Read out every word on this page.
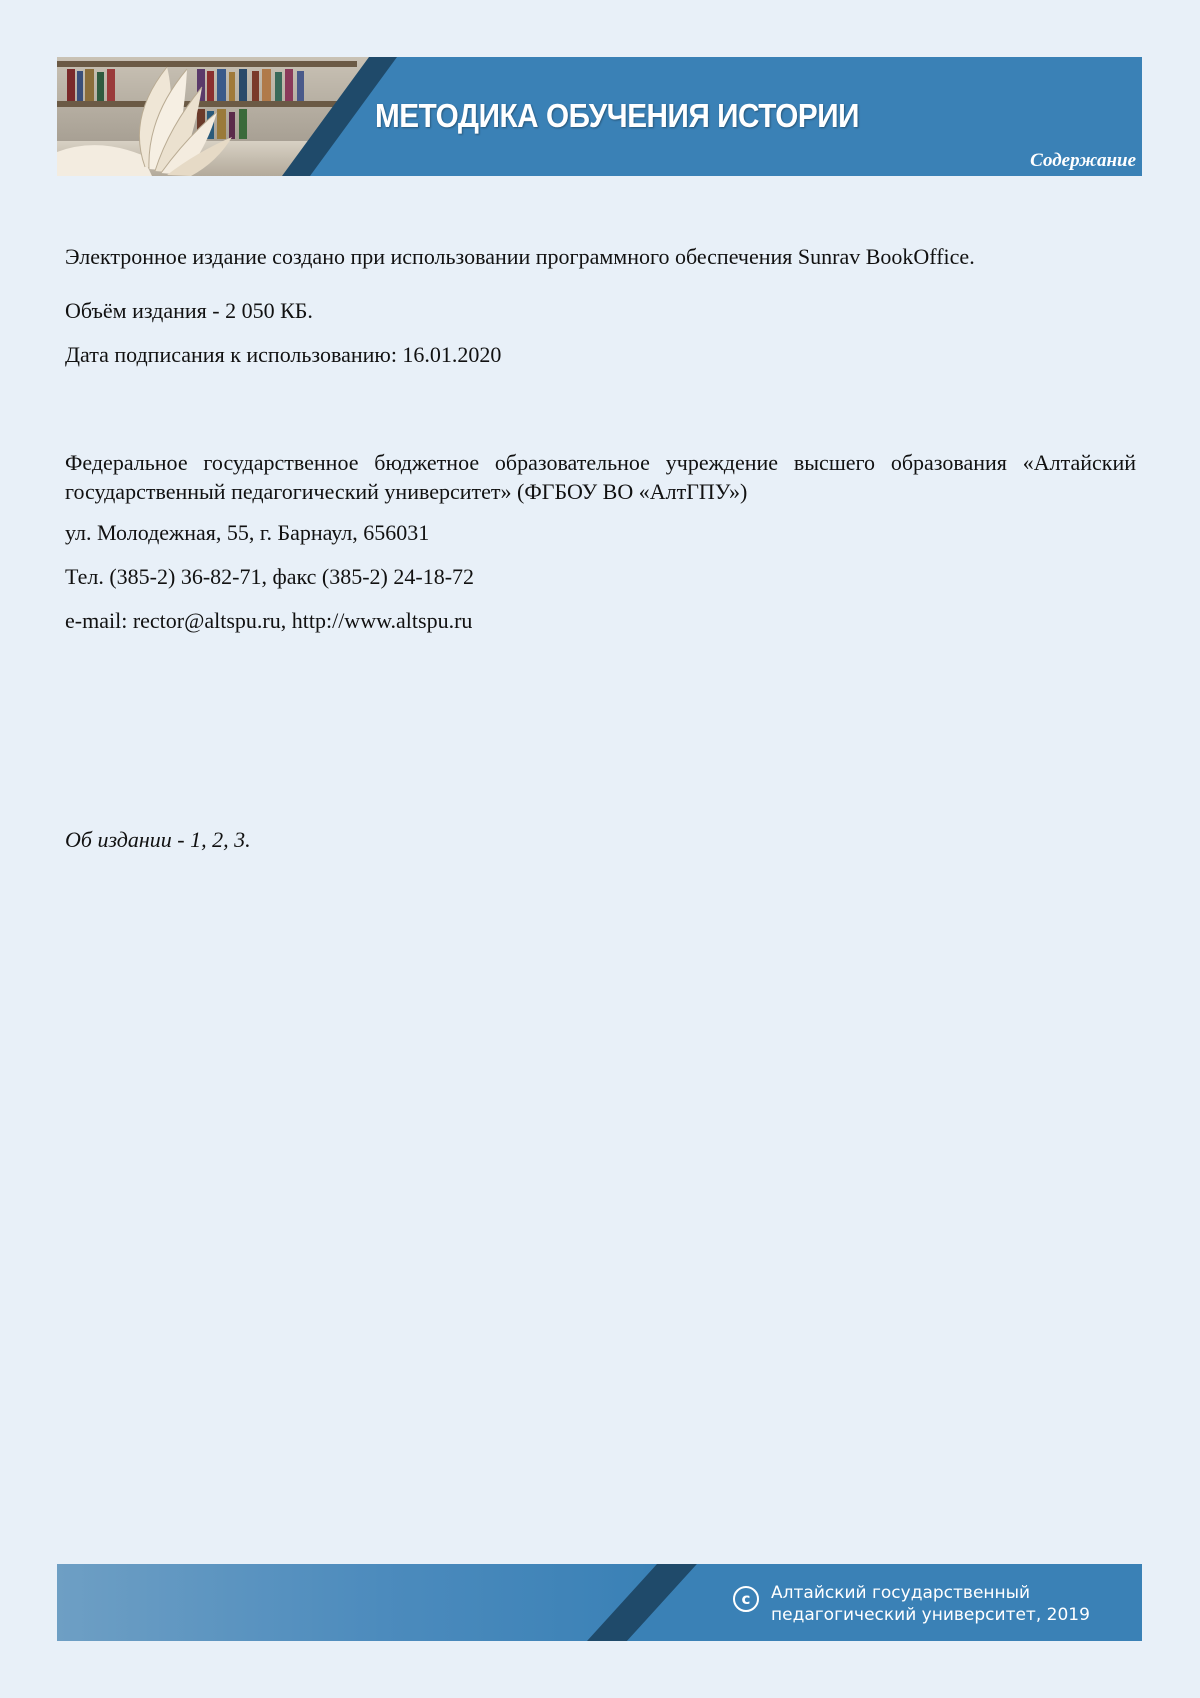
МЕТОДИКА ОБУЧЕНИЯ ИСТОРИИ
Содержание
Электронное издание создано при использовании программного обеспечения Sunrav BookOffice.
Объём издания - 2 050 КБ.
Дата подписания к использованию: 16.01.2020
Федеральное государственное бюджетное образовательное учреждение высшего образования «Алтайский государственный педагогический университет» (ФГБОУ ВО «АлтГПУ»)
ул. Молодежная, 55, г. Барнаул, 656031
Тел. (385-2) 36-82-71, факс (385-2) 24-18-72
e-mail: rector@altspu.ru, http://www.altspu.ru
Об издании - 1, 2, 3.
c	Алтайский государственный
педагогический университет, 2019
